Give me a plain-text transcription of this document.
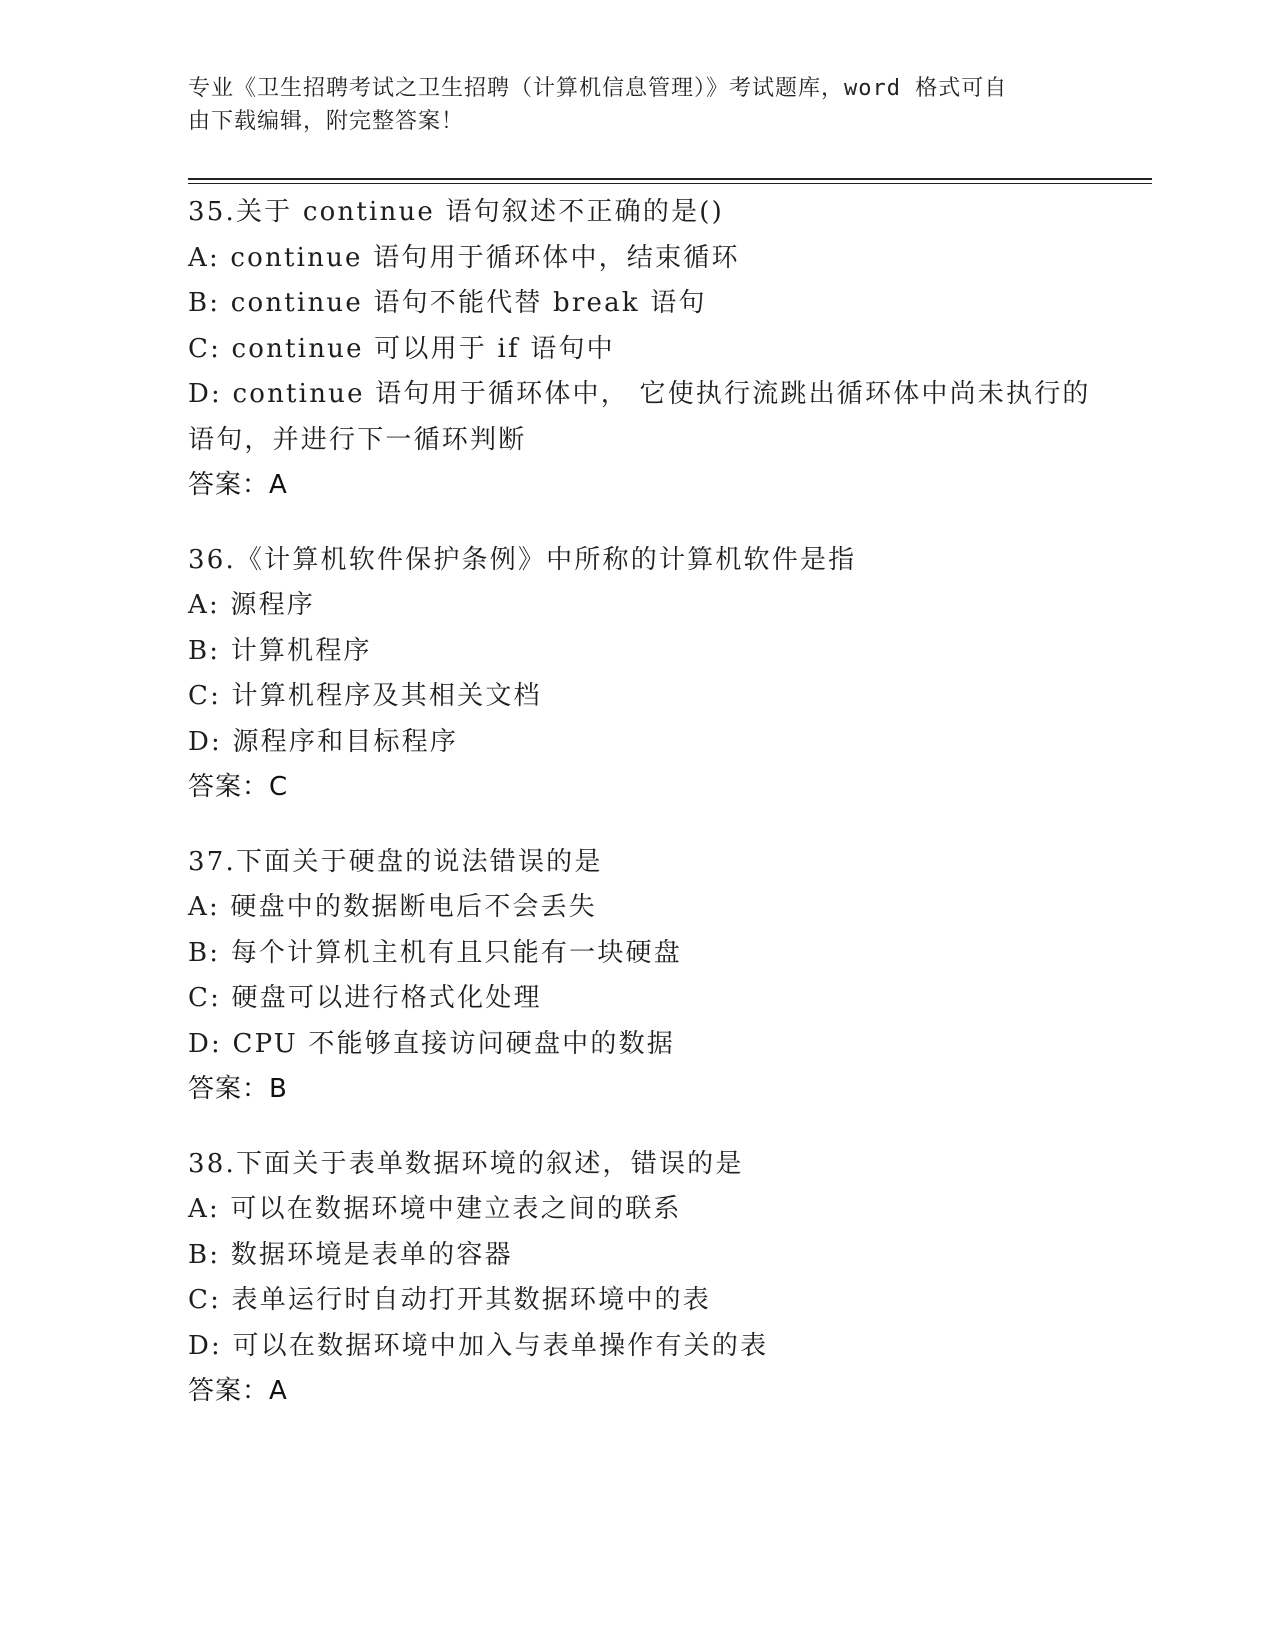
专业《卫生招聘考试之卫生招聘（计算机信息管理）》考试题库，word 格式可自
由下载编辑，附完整答案！
35.关于 continue 语句叙述不正确的是()
A: continue 语句用于循环体中，结束循环
B: continue 语句不能代替 break 语句
C: continue 可以用于 if 语句中
D: continue 语句用于循环体中， 它使执行流跳出循环体中尚未执行的
语句，并进行下一循环判断
答案：A
36.《计算机软件保护条例》中所称的计算机软件是指
A: 源程序
B: 计算机程序
C: 计算机程序及其相关文档
D: 源程序和目标程序
答案：C
37.下面关于硬盘的说法错误的是
A: 硬盘中的数据断电后不会丢失
B: 每个计算机主机有且只能有一块硬盘
C: 硬盘可以进行格式化处理
D: CPU 不能够直接访问硬盘中的数据
答案：B
38.下面关于表单数据环境的叙述，错误的是
A: 可以在数据环境中建立表之间的联系
B: 数据环境是表单的容器
C: 表单运行时自动打开其数据环境中的表
D: 可以在数据环境中加入与表单操作有关的表
答案：A
